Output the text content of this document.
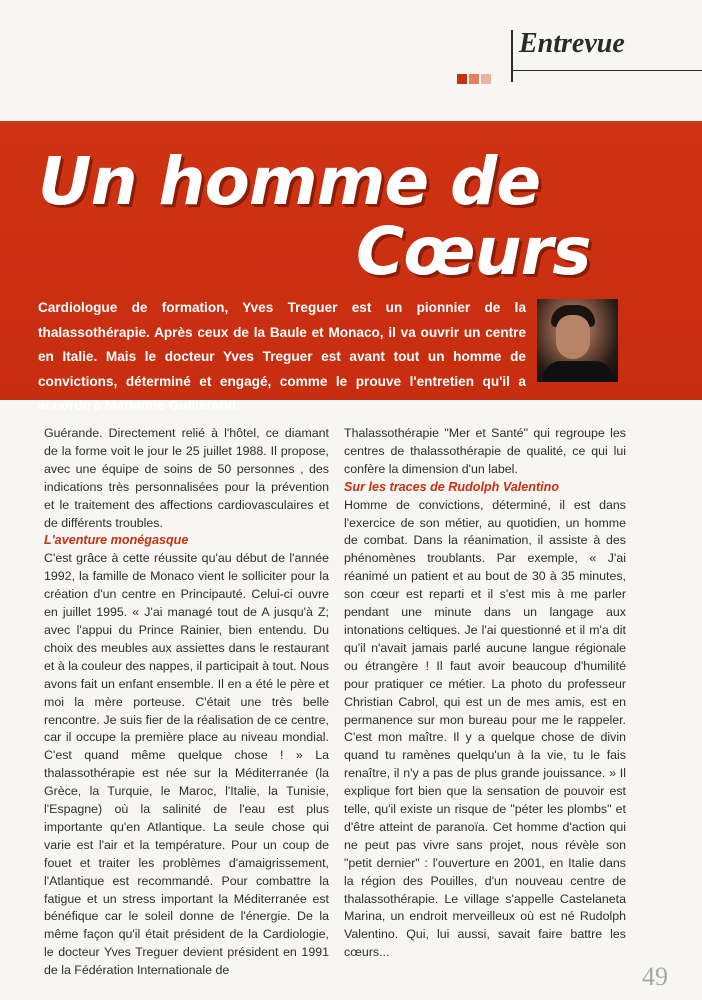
Entrevue
Un homme de
Cœurs

Cardiologue de formation, Yves Treguer est un pionnier de la thalassothérapie. Après ceux de la Baule et Monaco, il va ouvrir un centre en Italie. Mais le docteur Yves Treguer est avant tout un homme de convictions, déterminé et engagé, comme le prouve l'entretien qu'il a accordé à Marianne Guillerand.

Guérande. Directement relié à l'hôtel, ce diamant de la forme voit le jour le 25 juillet 1988. Il propose, avec une équipe de soins de 50 personnes , des indications très personnalisées pour la prévention et le traitement des affections cardiovasculaires et de différents troubles.

L'aventure monégasque

C'est grâce à cette réussite qu'au début de l'année 1992, la famille de Monaco vient le solliciter pour la création d'un centre en Principauté. Celui-ci ouvre en juillet 1995. « J'ai managé tout de A jusqu'à Z; avec l'appui du Prince Rainier, bien entendu. Du choix des meubles aux assiettes dans le restaurant et à la couleur des nappes, il participait à tout. Nous avons fait un enfant ensemble. Il en a été le père et moi la mère porteuse. C'était une très belle rencontre. Je suis fier de la réalisation de ce centre, car il occupe la première place au niveau mondial. C'est quand même quelque chose ! » La thalassothérapie est née sur la Méditerranée (la Grèce, la Turquie, le Maroc, l'Italie, la Tunisie, l'Espagne) où la salinité de l'eau est plus importante qu'en Atlantique. La seule chose qui varie est l'air et la température. Pour un coup de fouet et traiter les problèmes d'amaigrissement, l'Atlantique est recommandé. Pour combattre la fatigue et un stress important la Méditerranée est bénéfique car le soleil donne de l'énergie. De la même façon qu'il était président de la Cardiologie, le docteur Yves Treguer devient président en 1991 de la Fédération Internationale de

Thalassothérapie "Mer et Santé" qui regroupe les centres de thalassothérapie de qualité, ce qui lui confère la dimension d'un label.

Sur les traces de Rudolph Valentino

Homme de convictions, déterminé, il est dans l'exercice de son métier, au quotidien, un homme de combat. Dans la réanimation, il assiste à des phénomènes troublants. Par exemple, « J'ai réanimé un patient et au bout de 30 à 35 minutes, son cœur est reparti et il s'est mis à me parler pendant une minute dans un langage aux intonations celtiques. Je l'ai questionné et il m'a dit qu'il n'avait jamais parlé aucune langue régionale ou étrangère ! Il faut avoir beaucoup d'humilité pour pratiquer ce métier. La photo du professeur Christian Cabrol, qui est un de mes amis, est en permanence sur mon bureau pour me le rappeler. C'est mon maître. Il y a quelque chose de divin quand tu ramènes quelqu'un à la vie, tu le fais renaître, il n'y a pas de plus grande jouissance. » Il explique fort bien que la sensation de pouvoir est telle, qu'il existe un risque de "péter les plombs" et d'être atteint de paranoïa. Cet homme d'action qui ne peut pas vivre sans projet, nous révèle son "petit dernier" : l'ouverture en 2001, en Italie dans la région des Pouilles, d'un nouveau centre de thalassothérapie. Le village s'appelle Castelaneta Marina, un endroit merveilleux où est né Rudolph Valentino. Qui, lui aussi, savait faire battre les cœurs...

49
